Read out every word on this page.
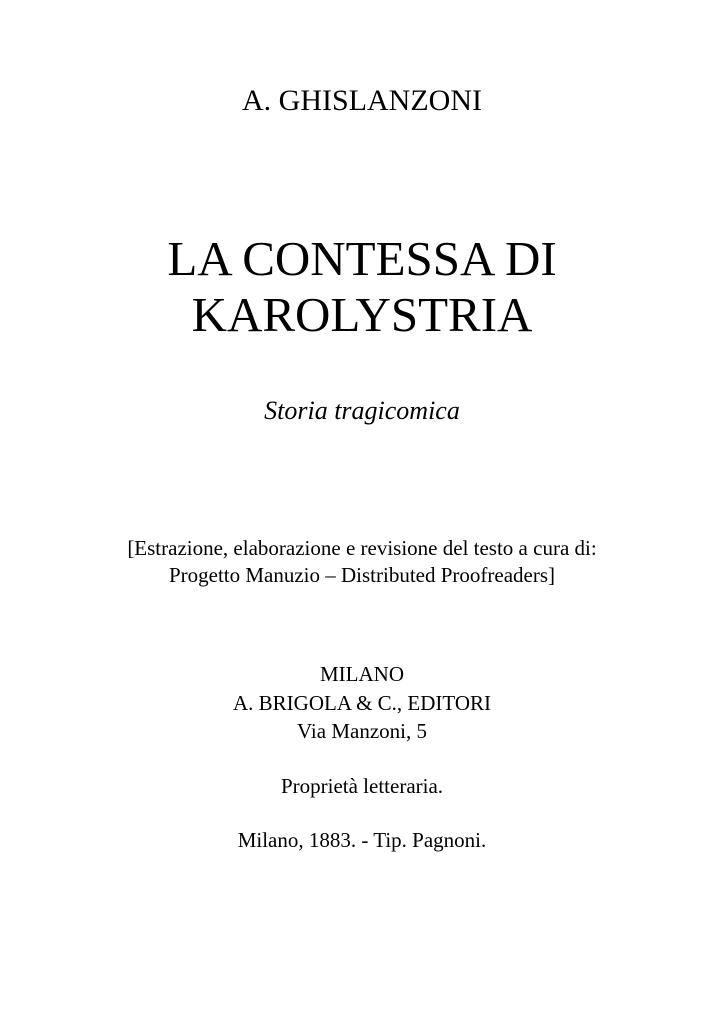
A. GHISLANZONI
LA CONTESSA DI
KAROLYSTRIA
Storia tragicomica
[Estrazione, elaborazione e revisione del testo a cura di:
Progetto Manuzio – Distributed Proofreaders]
MILANO
A. BRIGOLA & C., EDITORI
Via Manzoni, 5
Proprietà letteraria.
Milano, 1883. - Tip. Pagnoni.
